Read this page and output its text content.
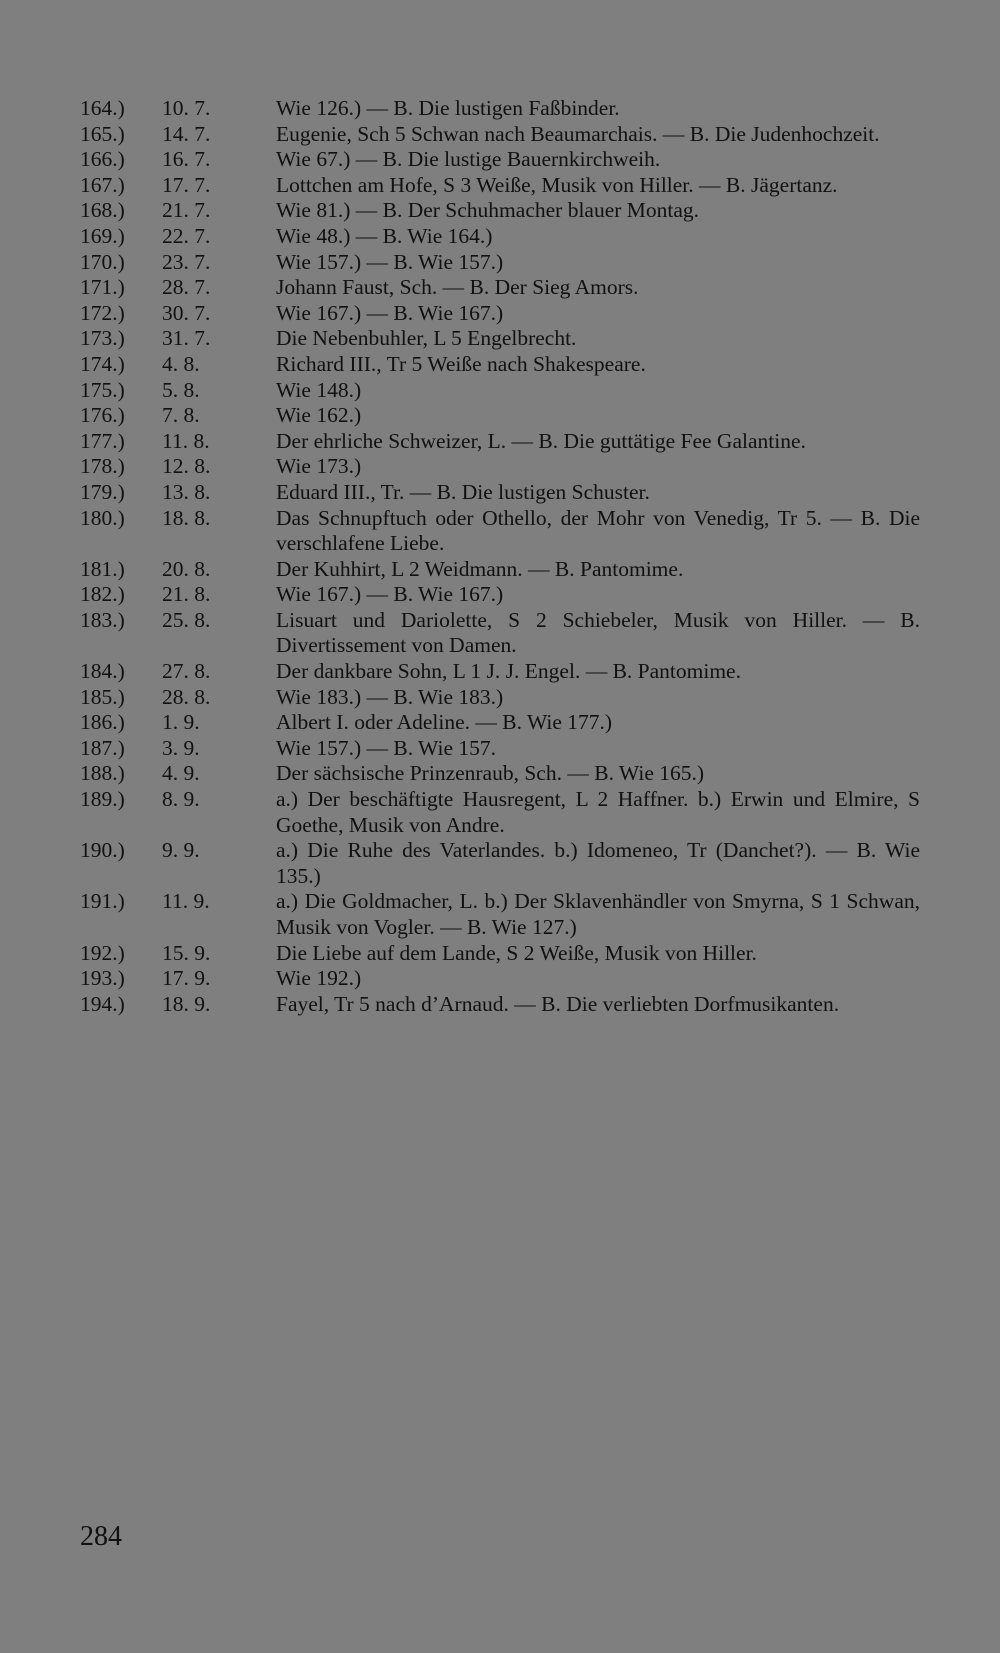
164.)	10. 7.	Wie 126.) — B. Die lustigen Faßbinder.
165.)	14. 7.	Eugenie, Sch 5 Schwan nach Beaumarchais. — B. Die Judenhochzeit.
166.)	16. 7.	Wie 67.) — B. Die lustige Bauernkirchweih.
167.)	17. 7.	Lottchen am Hofe, S 3 Weiße, Musik von Hiller. — B. Jägertanz.
168.)	21. 7.	Wie 81.) — B. Der Schuhmacher blauer Montag.
169.)	22. 7.	Wie 48.) — B. Wie 164.)
170.)	23. 7.	Wie 157.) — B. Wie 157.)
171.)	28. 7.	Johann Faust, Sch. — B. Der Sieg Amors.
172.)	30. 7.	Wie 167.) — B. Wie 167.)
173.)	31. 7.	Die Nebenbuhler, L 5 Engelbrecht.
174.)	4. 8.	Richard III., Tr 5 Weiße nach Shakespeare.
175.)	5. 8.	Wie 148.)
176.)	7. 8.	Wie 162.)
177.)	11. 8.	Der ehrliche Schweizer, L. — B. Die guttätige Fee Galantine.
178.)	12. 8.	Wie 173.)
179.)	13. 8.	Eduard III., Tr. — B. Die lustigen Schuster.
180.)	18. 8.	Das Schnupftuch oder Othello, der Mohr von Venedig, Tr 5. — B. Die verschlafene Liebe.
181.)	20. 8.	Der Kuhhirt, L 2 Weidmann. — B. Pantomime.
182.)	21. 8.	Wie 167.) — B. Wie 167.)
183.)	25. 8.	Lisuart und Dariolette, S 2 Schiebeler, Musik von Hiller. — B. Divertissement von Damen.
184.)	27. 8.	Der dankbare Sohn, L 1 J. J. Engel. — B. Pantomime.
185.)	28. 8.	Wie 183.) — B. Wie 183.)
186.)	1. 9.	Albert I. oder Adeline. — B. Wie 177.)
187.)	3. 9.	Wie 157.) — B. Wie 157.
188.)	4. 9.	Der sächsische Prinzenraub, Sch. — B. Wie 165.)
189.)	8. 9.	a.) Der beschäftigte Hausregent, L 2 Haffner. b.) Erwin und Elmire, S Goethe, Musik von Andre.
190.)	9. 9.	a.) Die Ruhe des Vaterlandes. b.) Idomeneo, Tr (Danchet?). — B. Wie 135.)
191.)	11. 9.	a.) Die Goldmacher, L. b.) Der Sklavenhändler von Smyrna, S 1 Schwan, Musik von Vogler. — B. Wie 127.)
192.)	15. 9.	Die Liebe auf dem Lande, S 2 Weiße, Musik von Hiller.
193.)	17. 9.	Wie 192.)
194.)	18. 9.	Fayel, Tr 5 nach d’Arnaud. — B. Die verliebten Dorfmusikanten.
284
